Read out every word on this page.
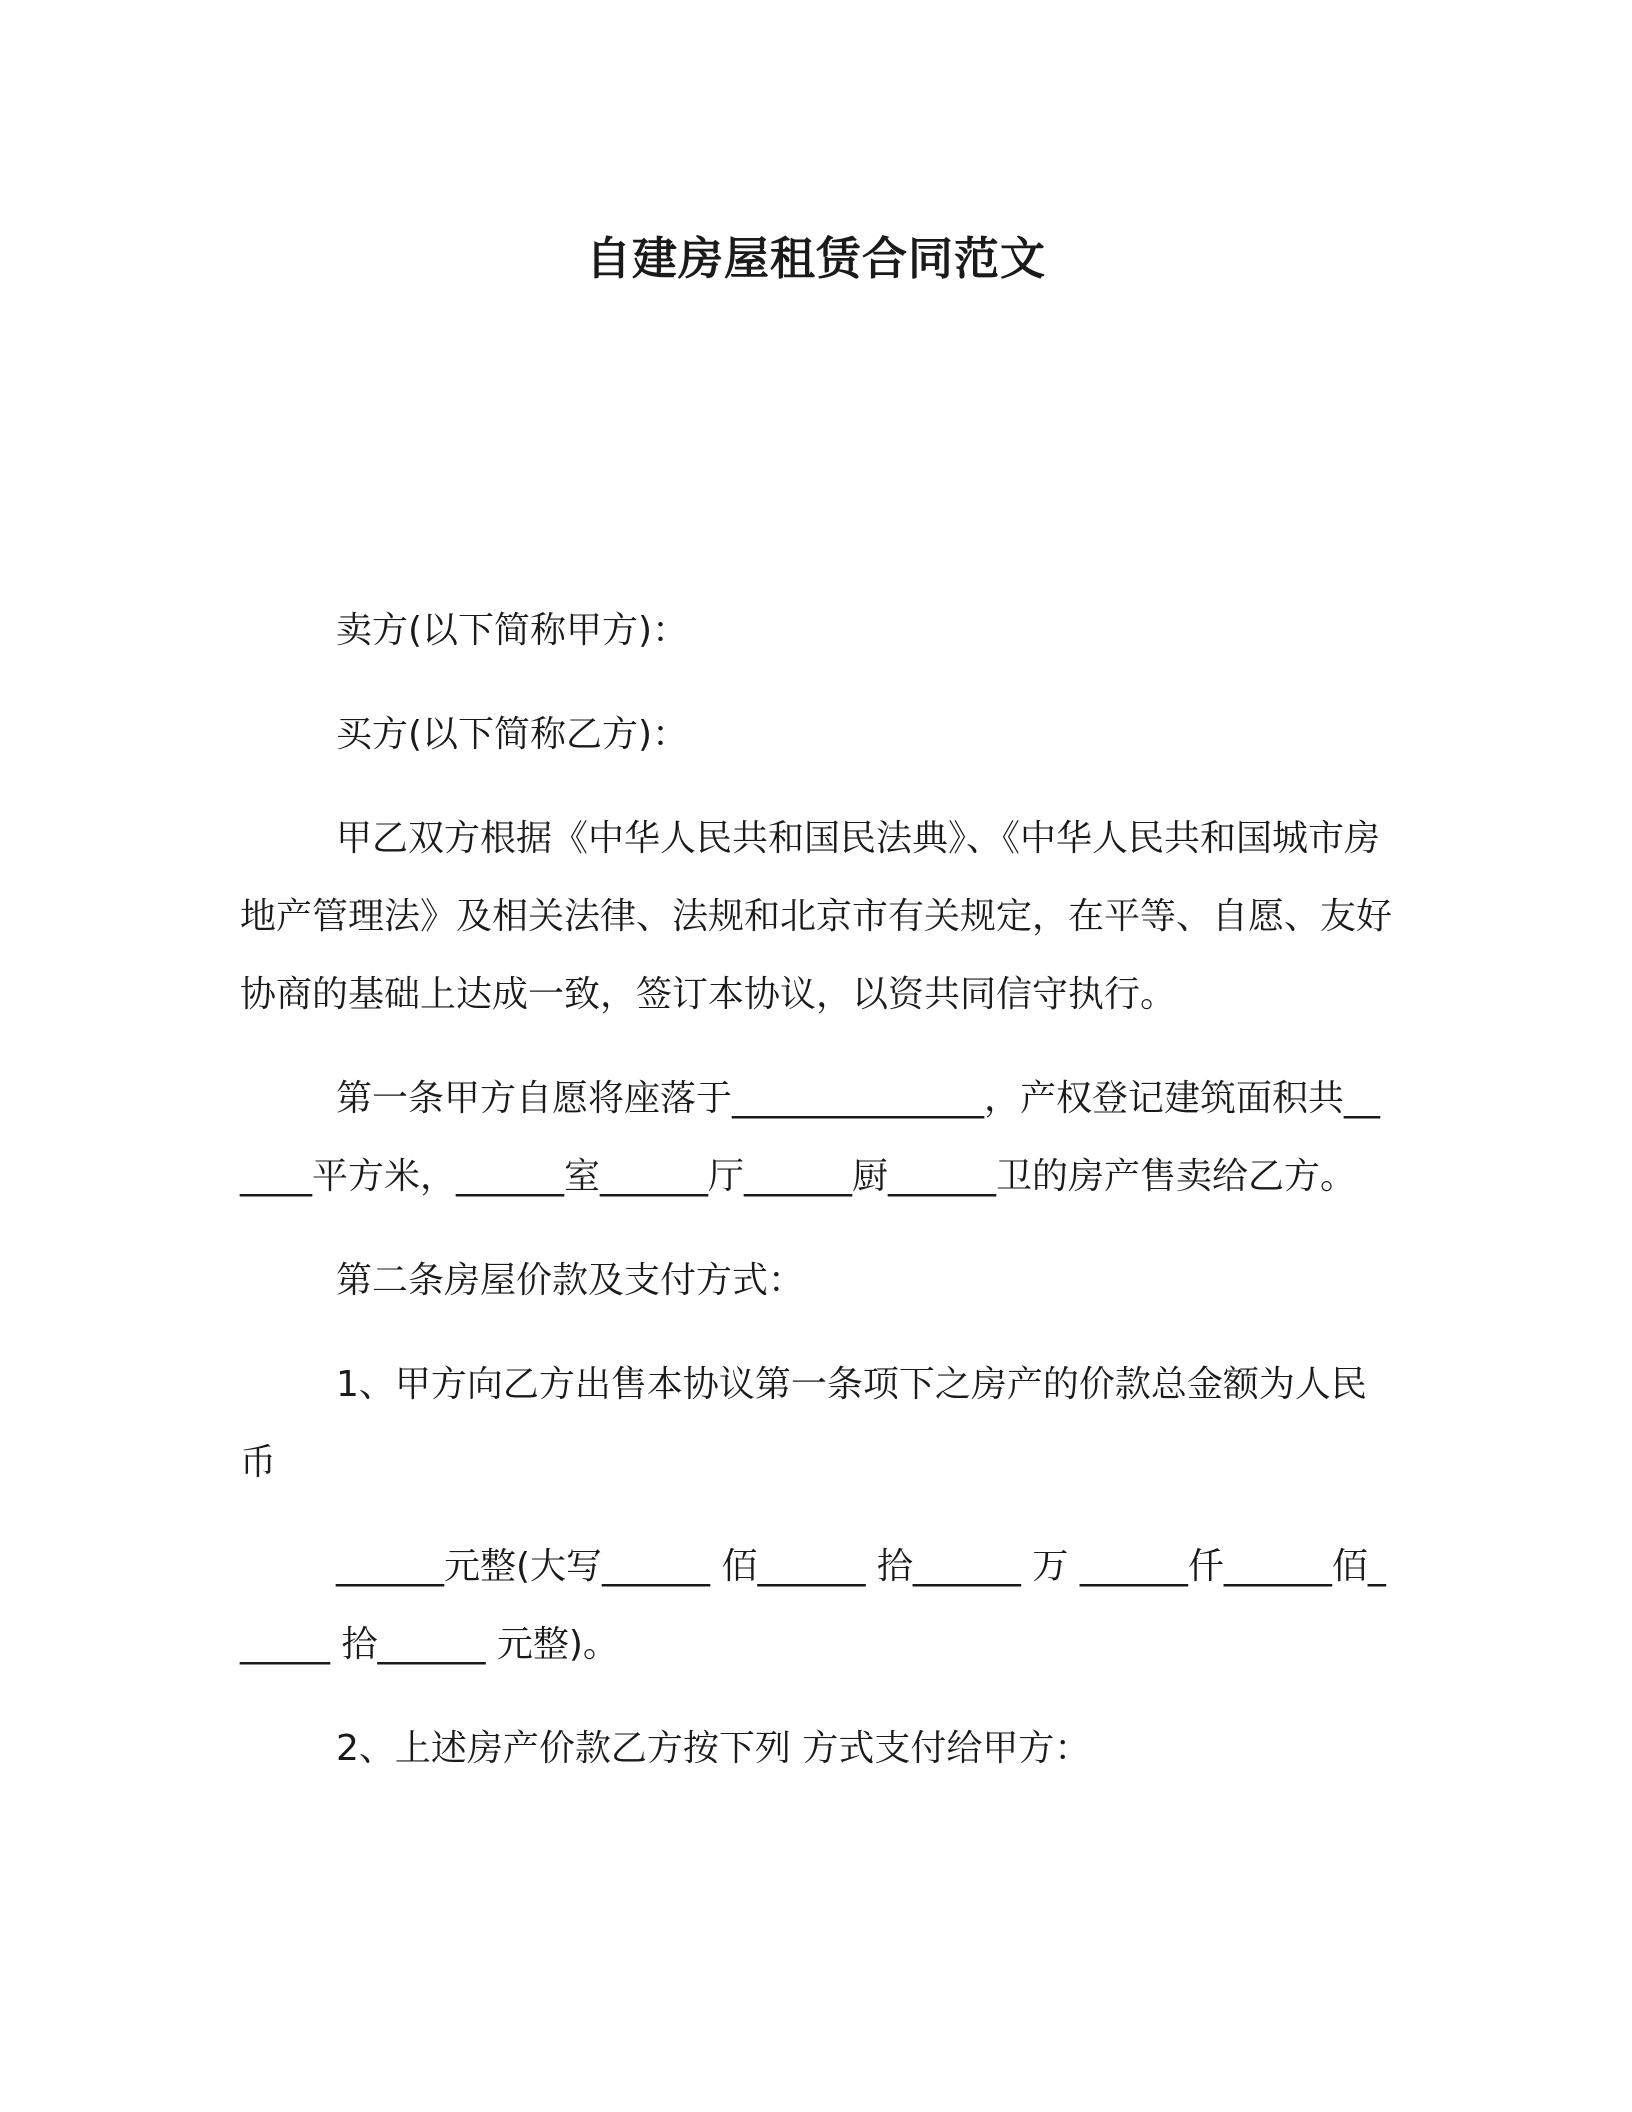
自建房屋租赁合同范文

卖方(以下简称甲方)：

买方(以下简称乙方)：

甲乙双方根据《中华人民共和国民法典》、《中华人民共和国城市房地产管理法》及相关法律、法规和北京市有关规定，在平等、自愿、友好协商的基础上达成一致，签订本协议，以资共同信守执行。

第一条甲方自愿将座落于______________，产权登记建筑面积共______平方米，______室______厅______厨______卫的房产售卖给乙方。

第二条房屋价款及支付方式：

1、甲方向乙方出售本协议第一条项下之房产的价款总金额为人民币

______元整(大写______ 佰______ 拾______ 万 ______仟______佰______ 拾______ 元整)。

2、上述房产价款乙方按下列 方式支付给甲方：
